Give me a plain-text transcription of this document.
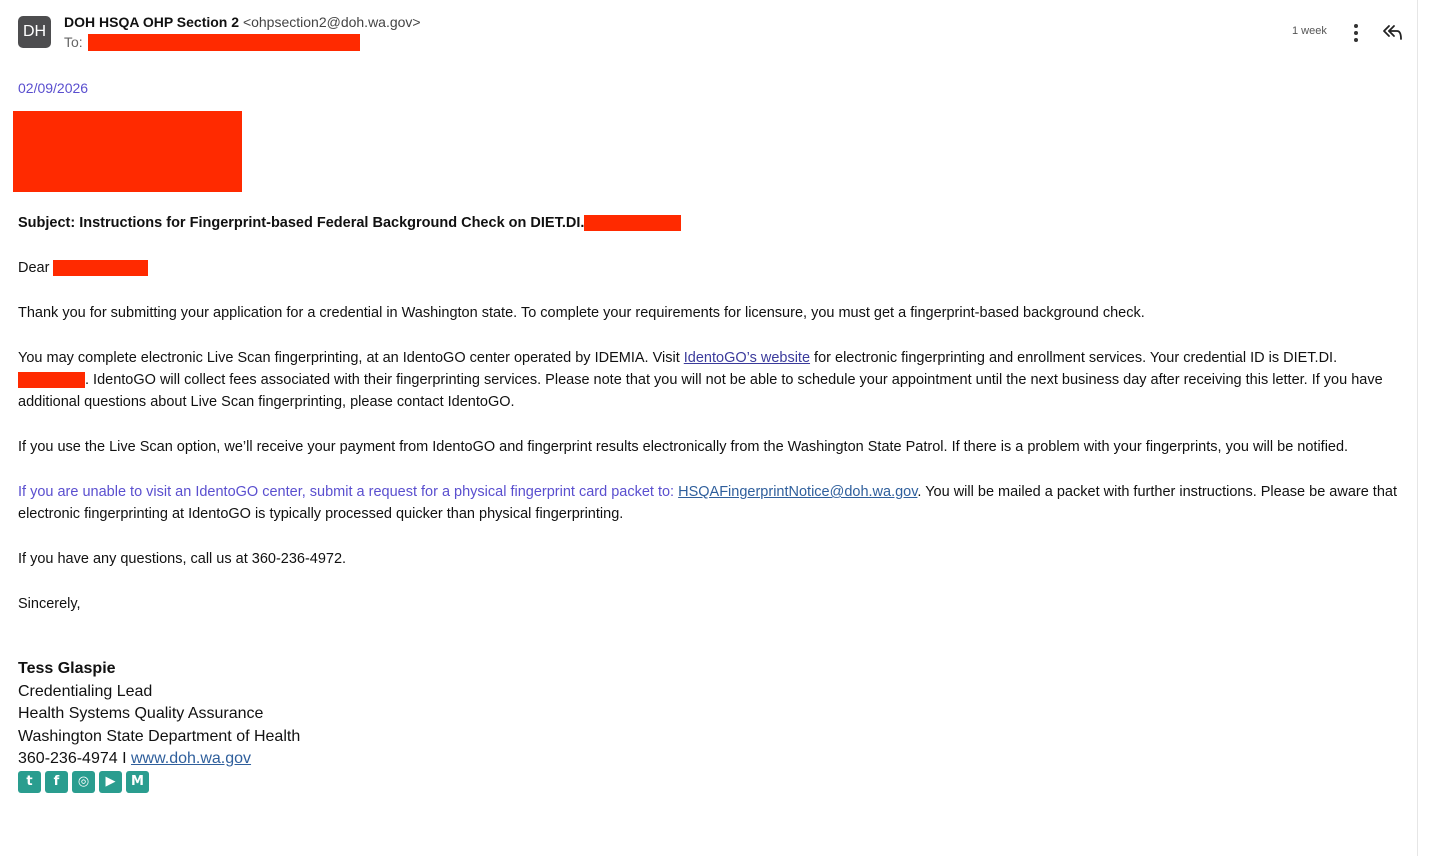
DH
DOH HSQA OHP Section 2 <ohpsection2@doh.wa.gov>
To:
1 week
02/09/2026

Subject: Instructions for Fingerprint-based Federal Background Check on DIET.DI.

Dear

Thank you for submitting your application for a credential in Washington state. To complete your requirements for licensure, you must get a fingerprint-based background check.

You may complete electronic Live Scan fingerprinting, at an IdentoGO center operated by IDEMIA. Visit IdentoGO’s website for electronic fingerprinting and enrollment services. Your credential ID is DIET.DI.. IdentoGO will collect fees associated with their fingerprinting services. Please note that you will not be able to schedule your appointment until the next business day after receiving this letter. If you have additional questions about Live Scan fingerprinting, please contact IdentoGO.

If you use the Live Scan option, we’ll receive your payment from IdentoGO and fingerprint results electronically from the Washington State Patrol. If there is a problem with your fingerprints, you will be notified.

If you are unable to visit an IdentoGO center, submit a request for a physical fingerprint card packet to: HSQAFingerprintNotice@doh.wa.gov. You will be mailed a packet with further instructions. Please be aware that electronic fingerprinting at IdentoGO is typically processed quicker than physical fingerprinting.

If you have any questions, call us at 360-236-4972.

Sincerely,

Tess Glaspie
Credentialing Lead
Health Systems Quality Assurance
Washington State Department of Health
360-236-4974 I www.doh.wa.gov
t	f	◎	▶	M
